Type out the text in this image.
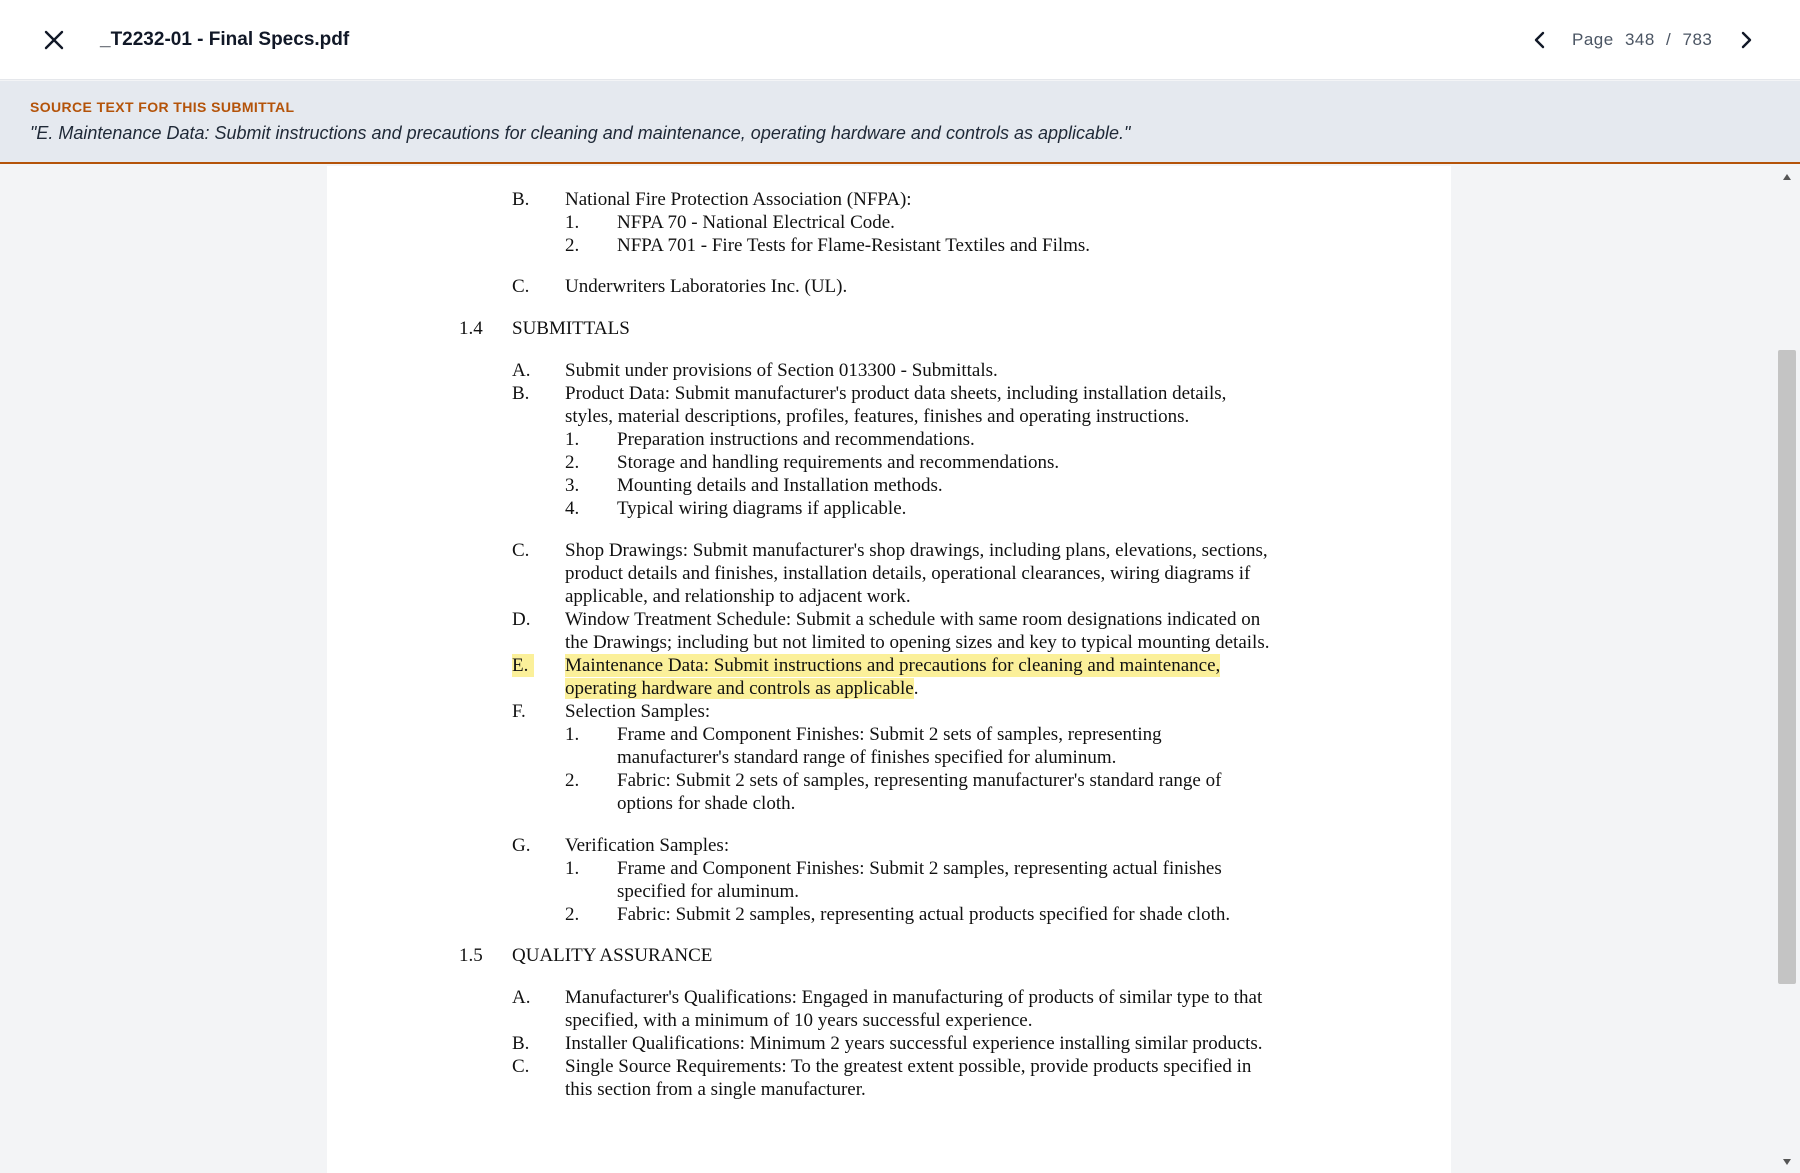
_T2232-01 - Final Specs.pdf	Page 348 / 783
SOURCE TEXT FOR THIS SUBMITTAL
"E. Maintenance Data: Submit instructions and precautions for cleaning and maintenance, operating hardware and controls as applicable."
B. National Fire Protection Association (NFPA):
1. NFPA 70 - National Electrical Code.
2. NFPA 701 - Fire Tests for Flame-Resistant Textiles and Films.
C. Underwriters Laboratories Inc. (UL).
1.4 SUBMITTALS
A. Submit under provisions of Section 013300 - Submittals.
B. Product Data: Submit manufacturer's product data sheets, including installation details,
styles, material descriptions, profiles, features, finishes and operating instructions.
1. Preparation instructions and recommendations.
2. Storage and handling requirements and recommendations.
3. Mounting details and Installation methods.
4. Typical wiring diagrams if applicable.
C. Shop Drawings: Submit manufacturer's shop drawings, including plans, elevations, sections,
product details and finishes, installation details, operational clearances, wiring diagrams if
applicable, and relationship to adjacent work.
D. Window Treatment Schedule: Submit a schedule with same room designations indicated on
the Drawings; including but not limited to opening sizes and key to typical mounting details.
E.	Maintenance Data: Submit instructions and precautions for cleaning and maintenance,
operating hardware and controls as applicable.
F. Selection Samples:
1. Frame and Component Finishes: Submit 2 sets of samples, representing
manufacturer's standard range of finishes specified for aluminum.
2. Fabric: Submit 2 sets of samples, representing manufacturer's standard range of
options for shade cloth.
G. Verification Samples:
1. Frame and Component Finishes: Submit 2 samples, representing actual finishes
specified for aluminum.
2. Fabric: Submit 2 samples, representing actual products specified for shade cloth.
1.5 QUALITY ASSURANCE
A. Manufacturer's Qualifications: Engaged in manufacturing of products of similar type to that
specified, with a minimum of 10 years successful experience.
B. Installer Qualifications: Minimum 2 years successful experience installing similar products.
C. Single Source Requirements: To the greatest extent possible, provide products specified in
this section from a single manufacturer.
